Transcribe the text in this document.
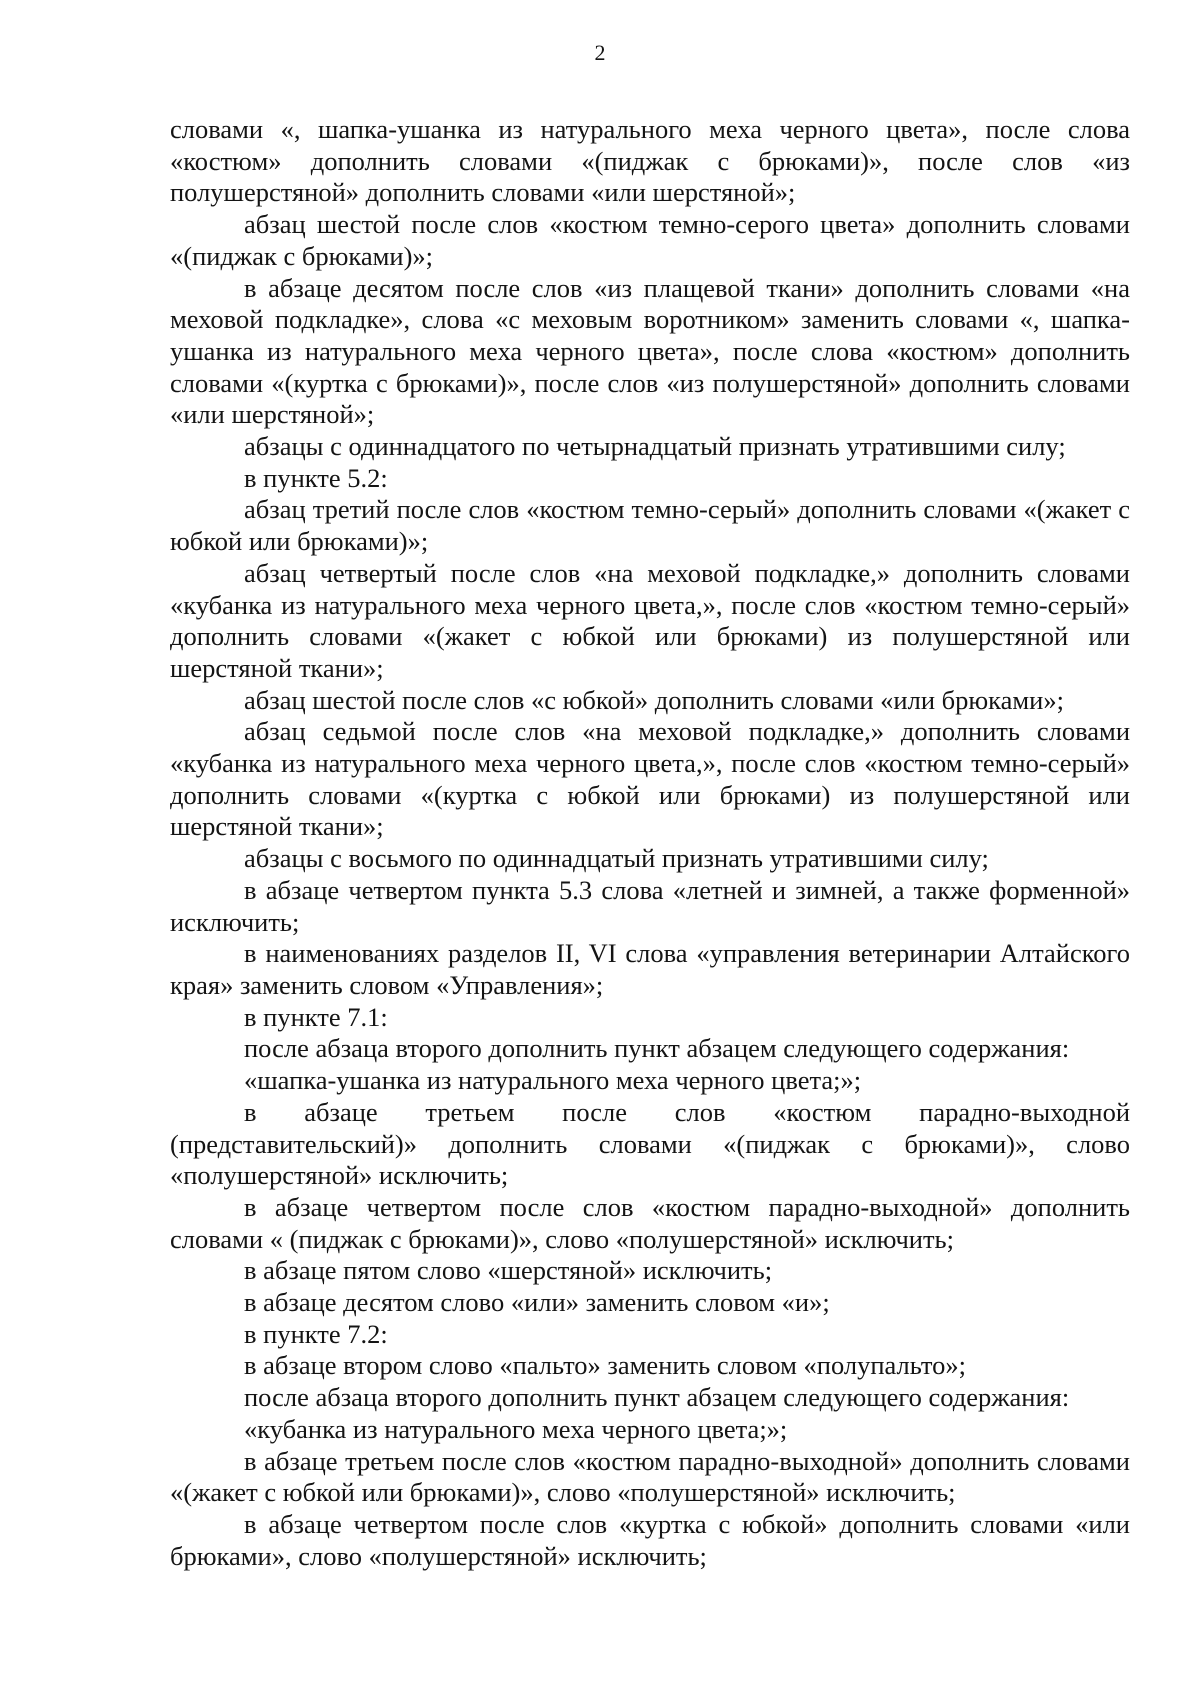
2

словами «, шапка-ушанка из натурального меха черного цвета», после слова «костюм» дополнить словами «(пиджак с брюками)», после слов «из полушерстяной» дополнить словами «или шерстяной»;

абзац шестой после слов «костюм темно-серого цвета» дополнить словами «(пиджак с брюками)»;

в абзаце десятом после слов «из плащевой ткани» дополнить словами «на меховой подкладке», слова «с меховым воротником» заменить словами «, шапка-ушанка из натурального меха черного цвета», после слова «костюм» дополнить словами «(куртка с брюками)», после слов «из полушерстяной» дополнить словами «или шерстяной»;

абзацы с одиннадцатого по четырнадцатый признать утратившими силу;

в пункте 5.2:

абзац третий после слов «костюм темно-серый» дополнить словами «(жакет с юбкой или брюками)»;

абзац четвертый после слов «на меховой подкладке,» дополнить словами «кубанка из натурального меха черного цвета,», после слов «костюм темно-серый» дополнить словами «(жакет с юбкой или брюками) из полушерстяной или шерстяной ткани»;

абзац шестой после слов «с юбкой» дополнить словами «или брюками»;

абзац седьмой после слов «на меховой подкладке,» дополнить словами «кубанка из натурального меха черного цвета,», после слов «костюм темно-серый» дополнить словами «(куртка с юбкой или брюками) из полушерстяной или шерстяной ткани»;

абзацы с восьмого по одиннадцатый признать утратившими силу;

в абзаце четвертом пункта 5.3 слова «летней и зимней, а также форменной» исключить;

в наименованиях разделов II, VI слова «управления ветеринарии Алтайского края» заменить словом «Управления»;

в пункте 7.1:

после абзаца второго дополнить пункт абзацем следующего содержания:

«шапка-ушанка из натурального меха черного цвета;»;

в абзаце третьем после слов «костюм парадно-выходной (представительский)» дополнить словами «(пиджак с брюками)», слово «полушерстяной» исключить;

в абзаце четвертом после слов «костюм парадно-выходной» дополнить словами « (пиджак с брюками)», слово «полушерстяной» исключить;

в абзаце пятом слово «шерстяной» исключить;

в абзаце десятом слово «или» заменить словом «и»;

в пункте 7.2:

в абзаце втором слово «пальто» заменить словом «полупальто»;

после абзаца второго дополнить пункт абзацем следующего содержания:

«кубанка из натурального меха черного цвета;»;

в абзаце третьем после слов «костюм парадно-выходной» дополнить словами «(жакет с юбкой или брюками)», слово «полушерстяной» исключить;

в абзаце четвертом после слов «куртка с юбкой» дополнить словами «или брюками», слово «полушерстяной» исключить;
